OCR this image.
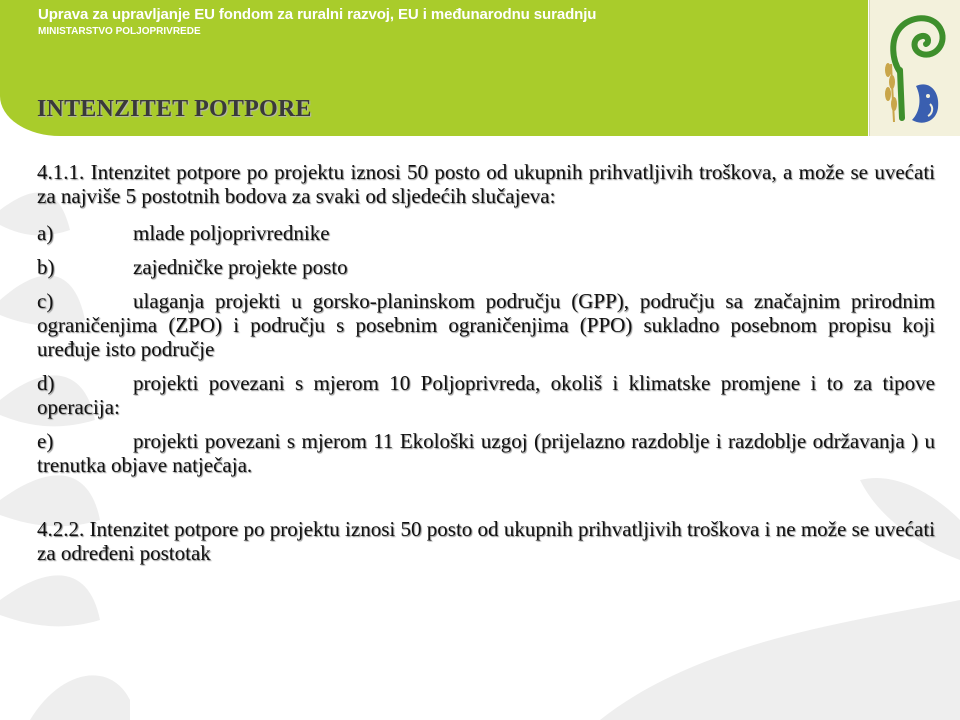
Uprava za upravljanje EU fondom za ruralni razvoj, EU i međunarodnu suradnju
MINISTARSTVO POLJOPRIVREDE
INTENZITET POTPORE

4.1.1. Intenzitet potpore po projektu iznosi 50 posto od ukupnih prihvatljivih troškova, a može se uvećati za najviše 5 postotnih bodova za svaki od sljedećih slučajeva:

a)	mlade poljoprivrednike

b)	zajedničke projekte posto

c)	ulaganja projekti u gorsko-planinskom području (GPP), području sa značajnim prirodnim ograničenjima (ZPO) i području s posebnim ograničenjima (PPO) sukladno posebnom propisu koji uređuje isto područje

d)	projekti povezani s mjerom 10 Poljoprivreda, okoliš i klimatske promjene i to za tipove operacija:

e)	projekti povezani s mjerom 11 Ekološki uzgoj (prijelazno razdoblje i razdoblje održavanja ) u trenutka objave natječaja.

4.2.2. Intenzitet potpore po projektu iznosi 50 posto od ukupnih prihvatljivih troškova i ne može se uvećati za određeni postotak
